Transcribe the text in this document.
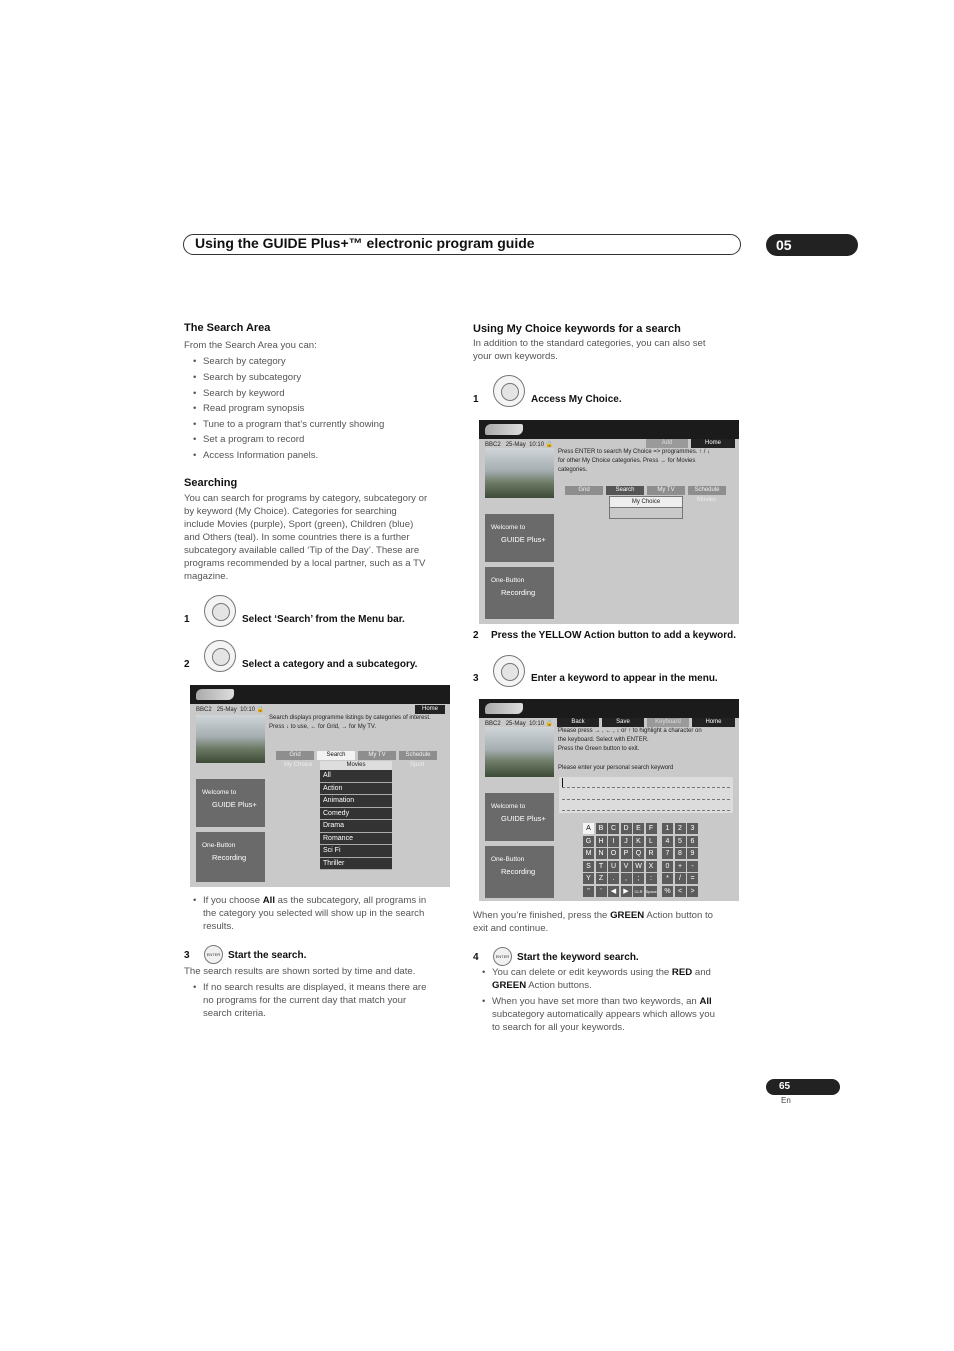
Using the GUIDE Plus+™ electronic program guide	05
The Search Area
From the Search Area you can:
• Search by category
• Search by subcategory
• Search by keyword
• Read program synopsis
• Tune to a program that’s currently showing
• Set a program to record
• Access Information panels.
Searching
You can search for programs by category, subcategory or
by keyword (My Choice). Categories for searching
include Movies (purple), Sport (green), Children (blue)
and Others (teal). In some countries there is a further
subcategory available called ‘Tip of the Day’. These are
programs recommended by a local partner, such as a TV
magazine.
1	Select ‘Search’ from the Menu bar.
2	Select a category and a subcategory.
BBC2 25-May 10:10 🔒	Home
Search displays programme listings by categories of interest.
Press ↓ to use, ← for Grid, → for My TV.
Grid	Search	My TV	Schedule
My Choice	Movies	Sport
All
Action
Animation
Comedy
Drama
Romance
Sci Fi
Thriller
Welcome to
GUIDE Plus+
One-Button
Recording
• If you choose All as the subcategory, all programs in
the category you selected will show up in the search
results.
3	ENTER Start the search.
The search results are shown sorted by time and date.
• If no search results are displayed, it means there are
no programs for the current day that match your
search criteria.
Using My Choice keywords for a search
In addition to the standard categories, you can also set
your own keywords.
1	Access My Choice.
BBC2 25-May 10:10 🔒	Add	Home
Press ENTER to search My Choice => programmes. ↑ / ↓
for other My Choice categories. Press → for Movies
categories.
Grid	Search	My TV	Schedule
My Choice	Movies
Welcome to
GUIDE Plus+
One-Button
Recording
2 Press the YELLOW Action button to add a keyword.
3	Enter a keyword to appear in the menu.
BBC2 25-May 10:10 🔒	Back	Save	Keyboard	Home
Please press → , ← , ↓ or ↑ to highlight a character on
the keyboard. Select with ENTER.
Press the Green button to exit.
Please enter your personal search keyword
A	B	C	D	E	F
G	H	I	J	K	L
M	N	O	P	Q	R
S	T	U	V W X
Y	Z	.	,	;	:
"	'	◀	▶	CLR Space
1	2	3
4	5	6
7	8	9
0	+	-
*	/	=
%	<	>
Welcome to
GUIDE Plus+
One-Button
Recording
When you’re finished, press the GREEN Action button to
exit and continue.
4	ENTER Start the keyword search.
• You can delete or edit keywords using the RED and
GREEN Action buttons.
• When you have set more than two keywords, an All
subcategory automatically appears which allows you
to search for all your keywords.
65
En
